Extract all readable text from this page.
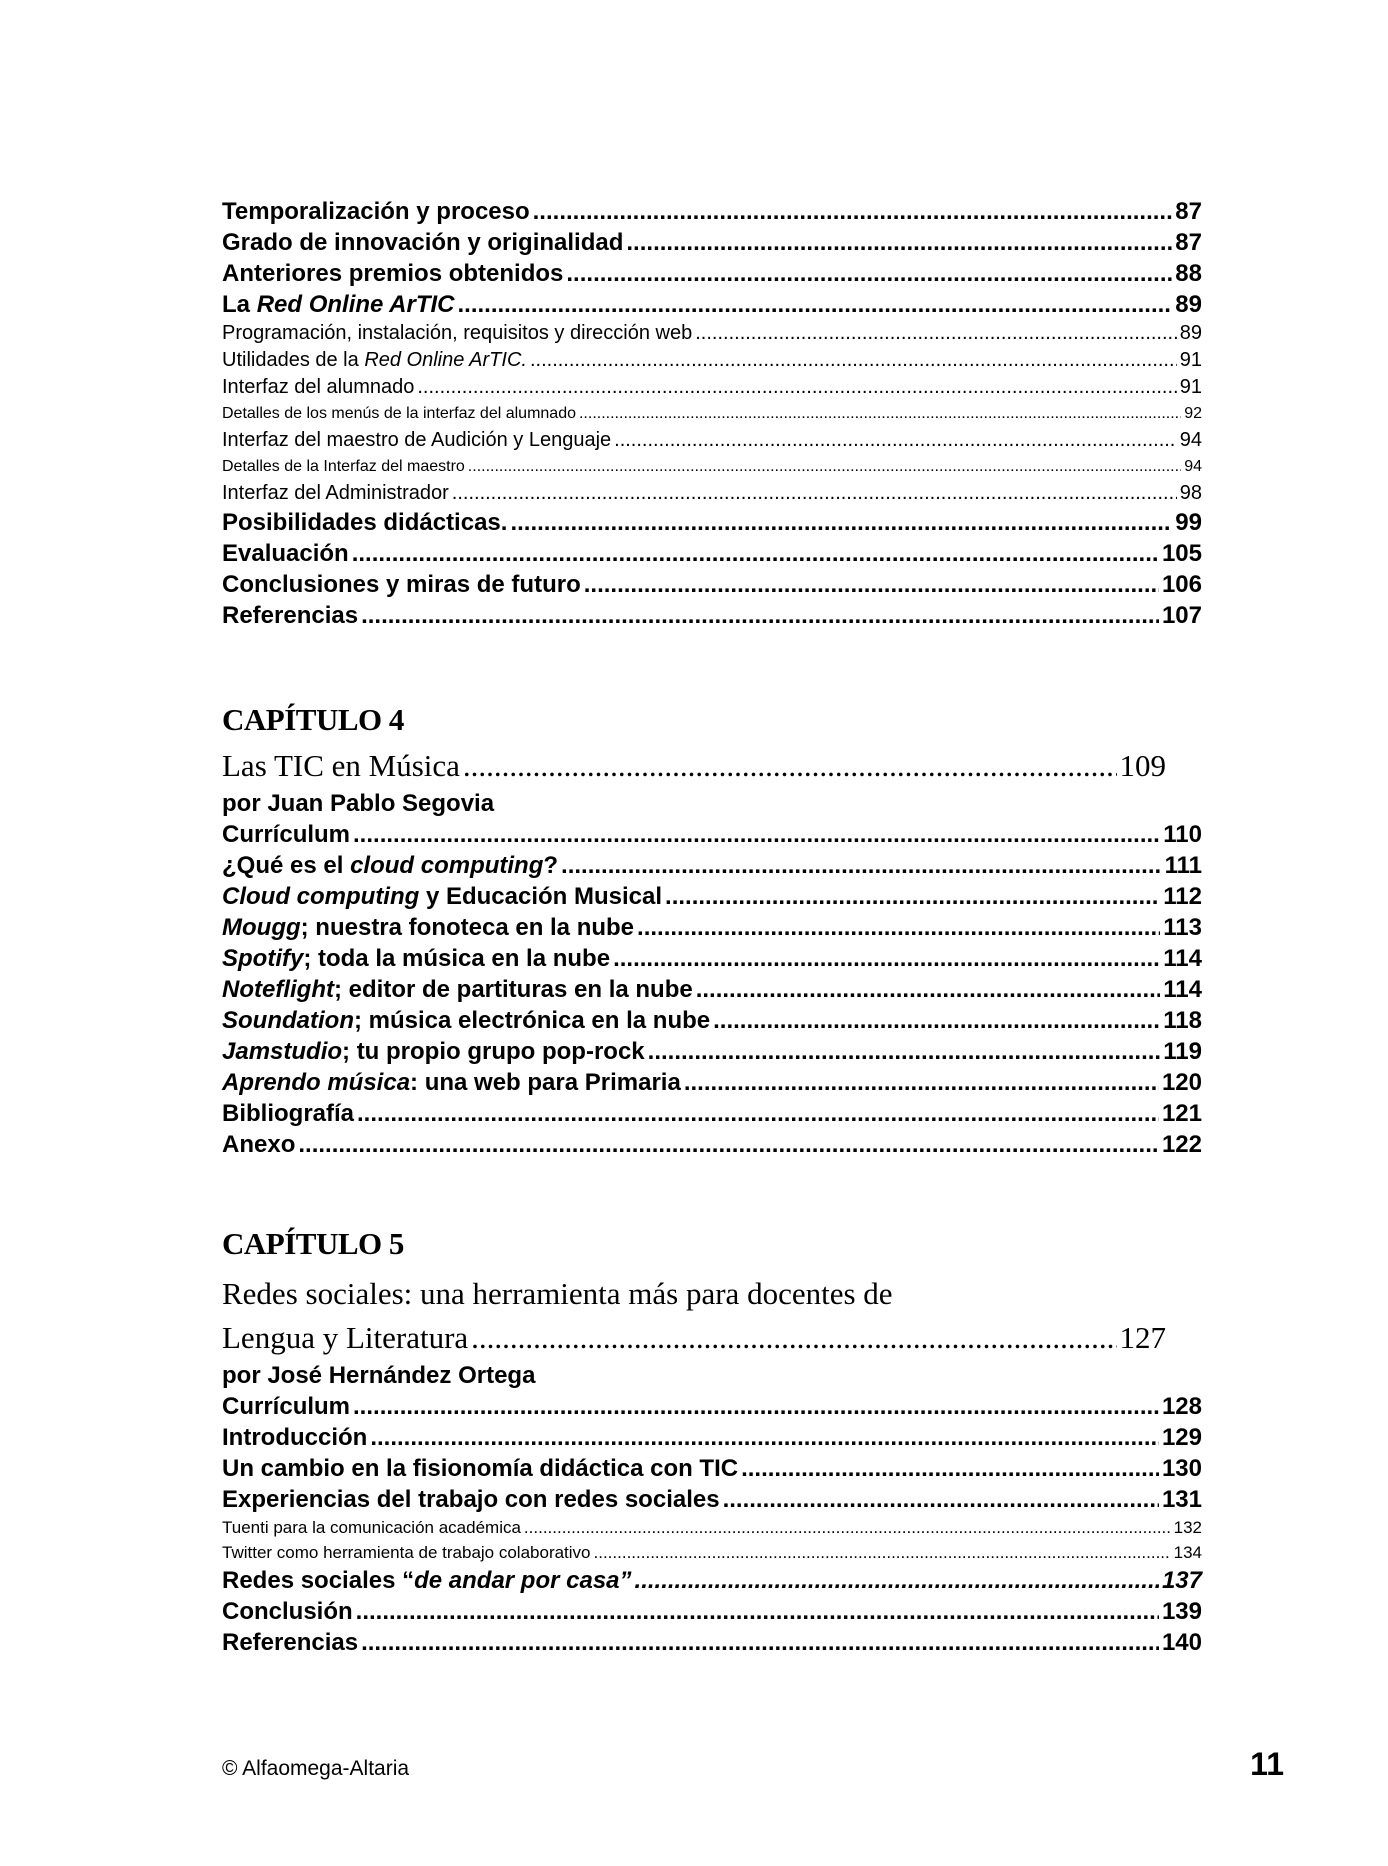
Temporalización y proceso .....	87
Grado de innovación y originalidad .....	87
Anteriores premios obtenidos .....	88
La Red Online ArTIC .....	89
Programación, instalación, requisitos y dirección web .....	89
Utilidades de la Red Online ArTIC. .....	91
Interfaz del alumnado .....	91
Detalles de los menús de la interfaz del alumnado .....	92
Interfaz del maestro de Audición y Lenguaje .....	94
Detalles de la Interfaz del maestro .....	94
Interfaz del Administrador .....	98
Posibilidades didácticas. .....	99
Evaluación .....	105
Conclusiones y miras de futuro .....	106
Referencias .....	107
CAPÍTULO 4
Las TIC en Música .....	109
por Juan Pablo Segovia
Currículum .....	110
¿Qué es el cloud computing? .....	111
Cloud computing y Educación Musical .....	112
Mougg; nuestra fonoteca en la nube .....	113
Spotify; toda la música en la nube .....	114
Noteflight; editor de partituras en la nube .....	114
Soundation; música electrónica en la nube .....	118
Jamstudio; tu propio grupo pop-rock .....	119
Aprendo música: una web para Primaria .....	120
Bibliografía .....	121
Anexo .....	122
CAPÍTULO 5
Redes sociales: una herramienta más para docentes de
Lengua y Literatura .....	127
por José Hernández Ortega
Currículum .....	128
Introducción .....	129
Un cambio en la fisionomía didáctica con TIC .....	130
Experiencias del trabajo con redes sociales .....	131
Tuenti para la comunicación académica .....	132
Twitter como herramienta de trabajo colaborativo .....	134
Redes sociales “de andar por casa” .....	137
Conclusión .....	139
Referencias .....	140
© Alfaomega-Altaria	11
